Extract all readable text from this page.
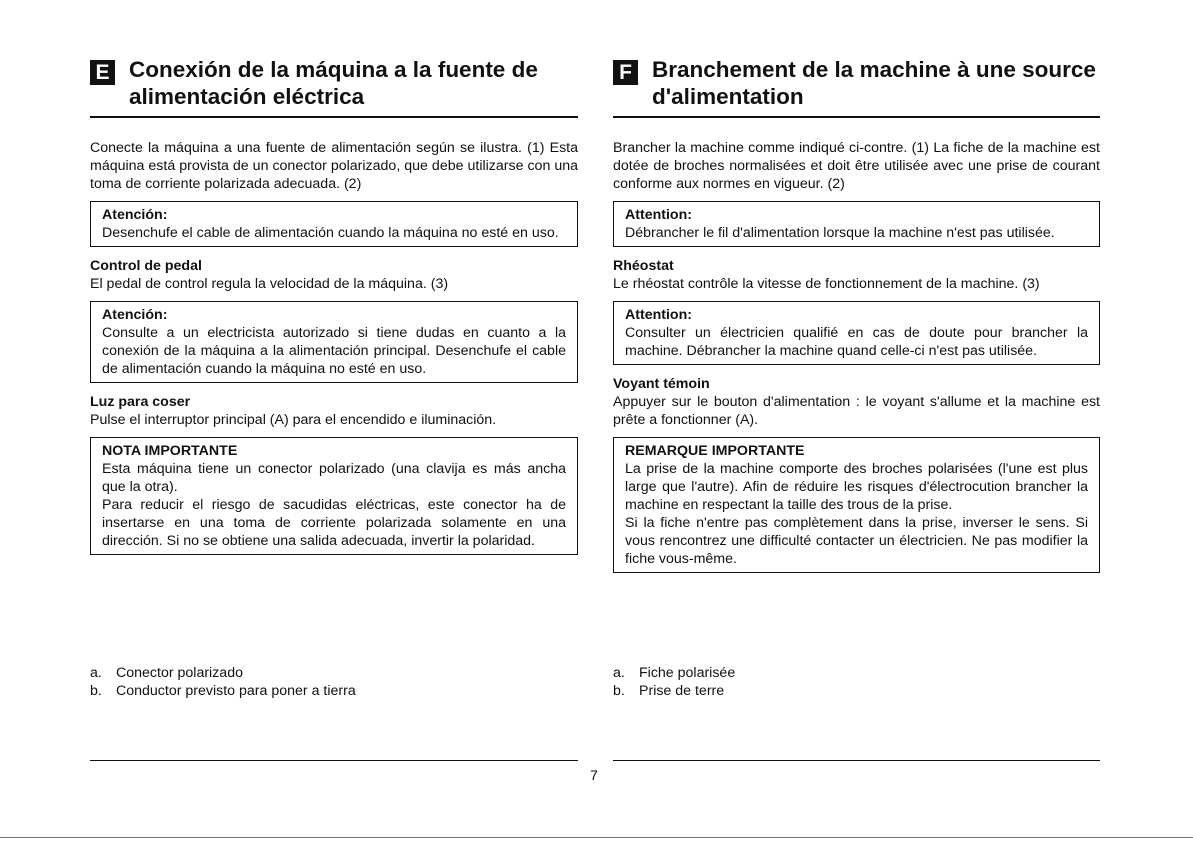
E Conexión de la máquina a la fuente de alimentación eléctrica

Conecte la máquina a una fuente de alimentación según se ilustra. (1) Esta máquina está provista de un conector polarizado, que debe utilizarse con una toma de corriente polarizada adecuada. (2)

Atención:

Desenchufe el cable de alimentación cuando la máquina no esté en uso.

Control de pedal

El pedal de control regula la velocidad de la máquina. (3)

Atención:

Consulte a un electricista autorizado si tiene dudas en cuanto a la conexión de la máquina a la alimentación principal. Desenchufe el cable de alimentación cuando la máquina no esté en uso.

Luz para coser

Pulse el interruptor principal (A) para el encendido e iluminación.

NOTA IMPORTANTE

Esta máquina tiene un conector polarizado (una clavija es más ancha que la otra).

Para reducir el riesgo de sacudidas eléctricas, este conector ha de insertarse en una toma de corriente polarizada solamente en una dirección. Si no se obtiene una salida adecuada, invertir la polaridad.

F Branchement de la machine à une source d'alimentation

Brancher la machine comme indiqué ci-contre. (1) La fiche de la machine est dotée de broches normalisées et doit être utilisée avec une prise de courant conforme aux normes en vigueur. (2)

Attention:

Débrancher le fil d'alimentation lorsque la machine n'est pas utilisée.

Rhéostat

Le rhéostat contrôle la vitesse de fonctionnement de la machine. (3)

Attention:

Consulter un électricien qualifié en cas de doute pour brancher la machine. Débrancher la machine quand celle-ci n'est pas utilisée.

Voyant témoin

Appuyer sur le bouton d'alimentation : le voyant s'allume et la machine est prête a fonctionner (A).

REMARQUE IMPORTANTE

La prise de la machine comporte des broches polarisées (l'une est plus large que l'autre). Afin de réduire les risques d'électrocution brancher la machine en respectant la taille des trous de la prise.

Si la fiche n'entre pas complètement dans la prise, inverser le sens. Si vous rencontrez une difficulté contacter un électricien. Ne pas modifier la fiche vous-même.

a. Conector polarizado
b. Conductor previsto para poner a tierra
a. Fiche polarisée
b. Prise de terre
7
